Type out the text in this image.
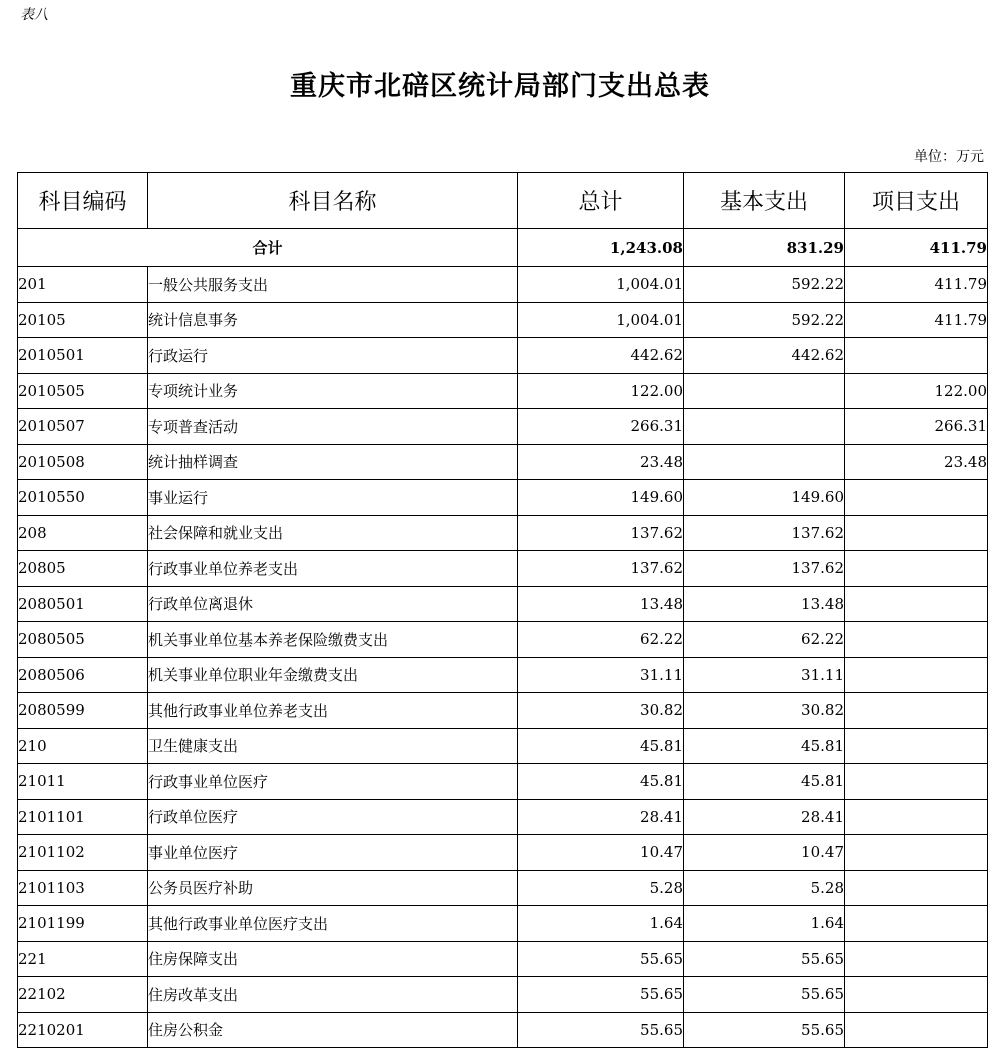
表八
重庆市北碚区统计局部门支出总表
单位：万元
科目编码	科目名称	总计	基本支出	项目支出
合计		1,243.08	831.29	411.79
201	一般公共服务支出	1,004.01	592.22	411.79
20105	统计信息事务	1,004.01	592.22	411.79
2010501	行政运行	442.62	442.62	
2010505	专项统计业务	122.00		122.00
2010507	专项普查活动	266.31		266.31
2010508	统计抽样调查	23.48		23.48
2010550	事业运行	149.60	149.60	
208	社会保障和就业支出	137.62	137.62	
20805	行政事业单位养老支出	137.62	137.62	
2080501	行政单位离退休	13.48	13.48	
2080505	机关事业单位基本养老保险缴费支出	62.22	62.22	
2080506	机关事业单位职业年金缴费支出	31.11	31.11	
2080599	其他行政事业单位养老支出	30.82	30.82	
210	卫生健康支出	45.81	45.81	
21011	行政事业单位医疗	45.81	45.81	
2101101	行政单位医疗	28.41	28.41	
2101102	事业单位医疗	10.47	10.47	
2101103	公务员医疗补助	5.28	5.28	
2101199	其他行政事业单位医疗支出	1.64	1.64	
221	住房保障支出	55.65	55.65	
22102	住房改革支出	55.65	55.65	
2210201	住房公积金	55.65	55.65	
